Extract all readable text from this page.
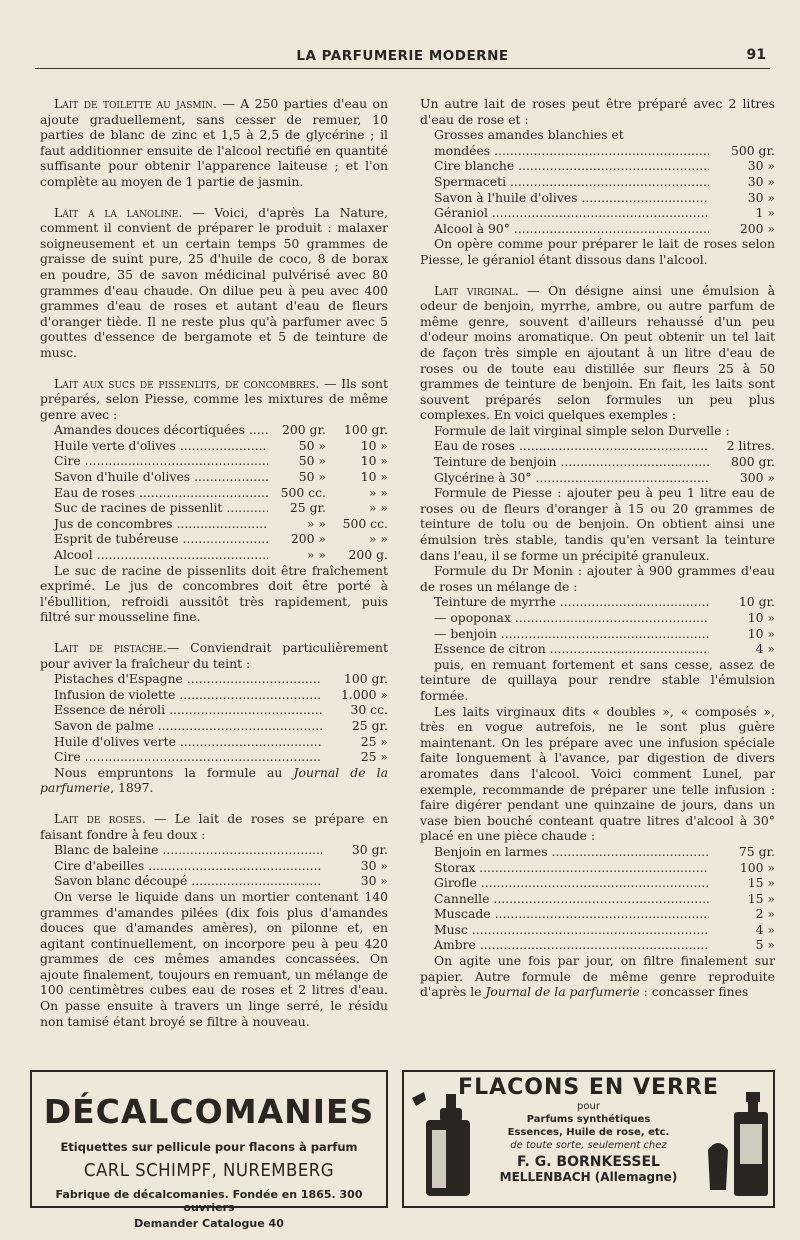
LA PARFUMERIE MODERNE	91

Lait de toilette au jasmin. — A 250 parties d'eau on ajoute graduellement, sans cesser de remuer, 10 parties de blanc de zinc et 1,5 à 2,5 de glycérine ; il faut additionner ensuite de l'alcool rectifié en quantité suffisante pour obtenir l'apparence laiteuse ; et l'on complète au moyen de 1 partie de jasmin.

Lait a la lanoline. — Voici, d'après La Nature, comment il convient de préparer le produit : malaxer soigneusement et un certain temps 50 grammes de graisse de suint pure, 25 d'huile de coco, 8 de borax en poudre, 35 de savon médicinal pulvérisé avec 80 grammes d'eau chaude. On dilue peu à peu avec 400 grammes d'eau de roses et autant d'eau de fleurs d'oranger tiède. Il ne reste plus qu'à parfumer avec 5 gouttes d'essence de bergamote et 5 de teinture de musc.

Lait aux sucs de pissenlits, de concombres. — Ils sont préparés, selon Piesse, comme les mixtures de même genre avec :

Amandes douces décortiquées .....	200 gr.	100 gr.
Huile verte d'olives .....	50 »	10 »
Cire .....	50 »	10 »
Savon d'huile d'olives .....	50 »	10 »
Eau de roses .....	500 cc.	» »
Suc de racines de pissenlit .....	25 gr.	» »
Jus de concombres .....	» »	500 cc.
Esprit de tubéreuse .....	200 »	» »
Alcool .....	» »	200 g.

Le suc de racine de pissenlits doit être fraîchement exprimé. Le jus de concombres doit être porté à l'ébullition, refroidi aussitôt très rapidement, puis filtré sur mousseline fine.

Lait de pistache.— Conviendrait particulièrement pour aviver la fraîcheur du teint :

Pistaches d'Espagne .....	100 gr.
Infusion de violette .....	1.000 »
Essence de néroli .....	30 cc.
Savon de palme .....	25 gr.
Huile d'olives verte .....	25 »
Cire .....	25 »

Nous empruntons la formule au Journal de la parfumerie, 1897.

Lait de roses. — Le lait de roses se prépare en faisant fondre à feu doux :

Blanc de baleine .....	30 gr.
Cire d'abeilles .....	30 »
Savon blanc découpé .....	30 »

On verse le liquide dans un mortier contenant 140 grammes d'amandes pilées (dix fois plus d'amandes douces que d'amandes amères), on pilonne et, en agitant continuellement, on incorpore peu à peu 420 grammes de ces mêmes amandes concassées. On ajoute finalement, toujours en remuant, un mélange de 100 centimètres cubes eau de roses et 2 litres d'eau. On passe ensuite à travers un linge serré, le résidu non tamisé étant broyé se filtre à nouveau.

Un autre lait de roses peut être préparé avec 2 litres d'eau de rose et :

Grosses amandes blanchies et
mondées .....	500 gr.
Cire blanche .....	30 »
Spermaceti .....	30 »
Savon à l'huile d'olives .....	30 »
Géraniol .....	1 »
Alcool à 90° .....	200 »

On opère comme pour préparer le lait de roses selon Piesse, le géraniol étant dissous dans l'alcool.

Lait virginal. — On désigne ainsi une émulsion à odeur de benjoin, myrrhe, ambre, ou autre parfum de même genre, souvent d'ailleurs rehaussé d'un peu d'odeur moins aromatique. On peut obtenir un tel lait de façon très simple en ajoutant à un litre d'eau de roses ou de toute eau distillée sur fleurs 25 à 50 grammes de teinture de benjoin. En fait, les laits sont souvent préparés selon formules un peu plus complexes. En voici quelques exemples :

Formule de lait virginal simple selon Durvelle :

Eau de roses .....	2 litres.
Teinture de benjoin .....	800 gr.
Glycérine à 30° .....	300 »

Formule de Piesse : ajouter peu à peu 1 litre eau de roses ou de fleurs d'oranger à 15 ou 20 grammes de teinture de tolu ou de benjoin. On obtient ainsi une émulsion très stable, tandis qu'en versant la teinture dans l'eau, il se forme un précipité granuleux.

Formule du Dr Monin : ajouter à 900 grammes d'eau de roses un mélange de :

Teinture de myrrhe .....	10 gr.
— opoponax .....	10 »
— benjoin .....	10 »
Essence de citron .....	4 »

puis, en remuant fortement et sans cesse, assez de teinture de quillaya pour rendre stable l'émulsion formée.

Les laits virginaux dits « doubles », « composés », très en vogue autrefois, ne le sont plus guère maintenant. On les prépare avec une infusion spéciale faite longuement à l'avance, par digestion de divers aromates dans l'alcool. Voici comment Lunel, par exemple, recommande de préparer une telle infusion : faire digérer pendant une quinzaine de jours, dans un vase bien bouché conteant quatre litres d'alcool à 30° placé en une pièce chaude :

Benjoin en larmes .....	75 gr.
Storax .....	100 »
Girofle .....	15 »
Cannelle .....	15 »
Muscade .....	2 »
Musc .....	4 »
Ambre .....	5 »

On agite une fois par jour, on filtre finalement sur papier. Autre formule de même genre reproduite d'après le Journal de la parfumerie : concasser fines

DÉCALCOMANIES
Etiquettes sur pellicule pour flacons à parfum
CARL SCHIMPF, NUREMBERG
Fabrique de décalcomanies. Fondée en 1865. 300 ouvriers
Demander Catalogue 40
FLACONS EN VERRE
pour
Parfums synthétiques
Essences, Huile de rose, etc.
de toute sorte, seulement chez
F. G. BORNKESSEL
MELLENBACH (Allemagne)
